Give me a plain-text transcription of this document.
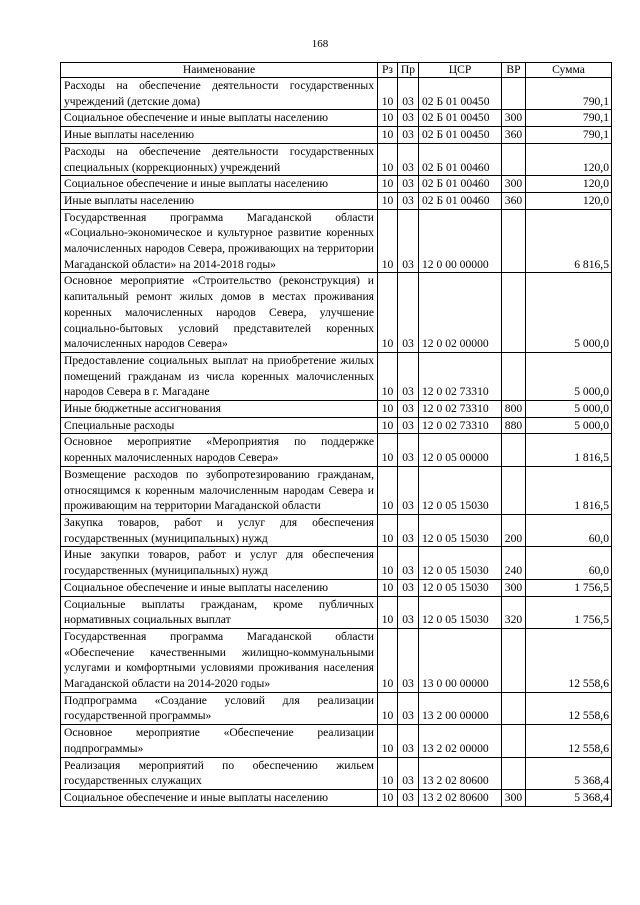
168
Наименование	Рз	Пр	ЦСР	ВР	Сумма
Расходы на обеспечение деятельности государственных учреждений (детские дома)	10	03	02 Б 01 00450		790,1
Социальное обеспечение и иные выплаты населению	10	03	02 Б 01 00450	300	790,1
Иные выплаты населению	10	03	02 Б 01 00450	360	790,1
Расходы на обеспечение деятельности государственных специальных (коррекционных) учреждений	10	03	02 Б 01 00460		120,0
Социальное обеспечение и иные выплаты населению	10	03	02 Б 01 00460	300	120,0
Иные выплаты населению	10	03	02 Б 01 00460	360	120,0
Государственная программа Магаданской области «Социально-экономическое и культурное развитие коренных малочисленных народов Севера, проживающих на территории Магаданской области» на 2014-2018 годы»	10	03	12 0 00 00000		6 816,5
Основное мероприятие «Строительство (реконструкция) и капитальный ремонт жилых домов в местах проживания коренных малочисленных народов Севера, улучшение социально-бытовых условий представителей коренных малочисленных народов Севера»	10	03	12 0 02 00000		5 000,0
Предоставление социальных выплат на приобретение жилых помещений гражданам из числа коренных малочисленных народов Севера в г. Магадане	10	03	12 0 02 73310		5 000,0
Иные бюджетные ассигнования	10	03	12 0 02 73310	800	5 000,0
Специальные расходы	10	03	12 0 02 73310	880	5 000,0
Основное мероприятие «Мероприятия по поддержке коренных малочисленных народов Севера»	10	03	12 0 05 00000		1 816,5
Возмещение расходов по зубопротезированию гражданам, относящимся к коренным малочисленным народам Севера и проживающим на территории Магаданской области	10	03	12 0 05 15030		1 816,5
Закупка товаров, работ и услуг для обеспечения государственных (муниципальных) нужд	10	03	12 0 05 15030	200	60,0
Иные закупки товаров, работ и услуг для обеспечения государственных (муниципальных) нужд	10	03	12 0 05 15030	240	60,0
Социальное обеспечение и иные выплаты населению	10	03	12 0 05 15030	300	1 756,5
Социальные выплаты гражданам, кроме публичных нормативных социальных выплат	10	03	12 0 05 15030	320	1 756,5
Государственная программа Магаданской области «Обеспечение качественными жилищно-коммунальными услугами и комфортными условиями проживания населения Магаданской области на 2014-2020 годы»	10	03	13 0 00 00000		12 558,6
Подпрограмма «Создание условий для реализации государственной программы»	10	03	13 2 00 00000		12 558,6
Основное мероприятие «Обеспечение реализации подпрограммы»	10	03	13 2 02 00000		12 558,6
Реализация мероприятий по обеспечению жильем государственных служащих	10	03	13 2 02 80600		5 368,4
Социальное обеспечение и иные выплаты населению	10	03	13 2 02 80600	300	5 368,4
